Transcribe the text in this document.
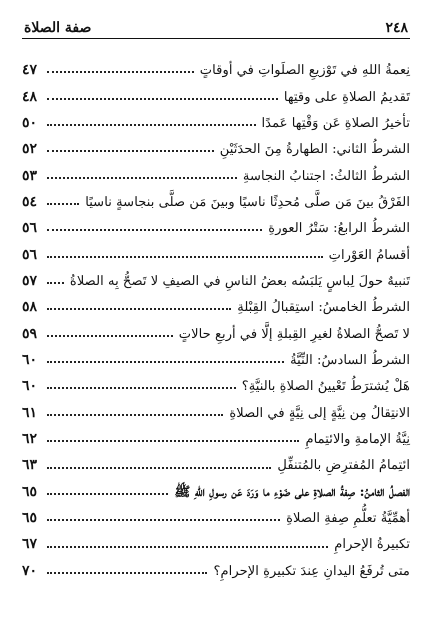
٢٤٨
صفة الصلاة
نِعمةُ اللهِ في تَوْزيعِ الصلَواتِ في أوقاتٍ
٤٧
تَقديمُ الصلاةِ على وقتِها
٤٨
تأخيرُ الصلاةِ عَن وَقْتِها عَمدًا
٥٠
الشرطُ الثاني: الطهارةُ مِنَ الحدَثَيْنِ
٥٢
الشرطُ الثالثُ: اجتنابُ النجاسةِ
٥٣
الفَرْقُ بينَ مَن صلَّى مُحدِثًا ناسيًا وبينَ مَن صلَّى بنجاسةٍ ناسيًا
٥٤
الشرطُ الرابعُ: سَتْرُ العورةِ
٥٦
أقسامُ العَوْراتِ
٥٦
تَنبيهٌ حولَ لِباسٍ يَلبَسُه بعضُ الناسِ في الصيفِ لا تَصحُّ بِه الصلاةُ
٥٧
الشرطُ الخامسُ: استِقبالُ القِبْلةِ
٥٨
لا تَصحُّ الصلاةُ لغيرِ القِبلةِ إلَّا في أربعِ حالاتٍ
٥٩
الشرطُ السادسُ: النِّيَّةُ
٦٠
هَلْ يُشترَطُ تَعْيينُ الصلاةِ بالنيَّةِ؟
٦٠
الانتِقالُ مِن نِيَّةٍ إلى نِيَّةٍ في الصلاةِ
٦١
نِيَّةُ الإمامةِ والائتِمامِ
٦٢
ائتِمامُ المُفترِضِ بالمُتنفِّلِ
٦٣
الفصلُ الثامنُ: صِفةُ الصلاةِ على ضَوْءِ ما وَرَدَ عَن رسولِ اللهِ ﷺ
٦٥
أهمِّيَّةُ تعلُّمِ صِفةِ الصلاةِ
٦٥
تكبيرةُ الإحرامِ
٦٧
متى تُرفَعُ اليدانِ عِندَ تكبيرةِ الإحرامِ؟
٧٠
